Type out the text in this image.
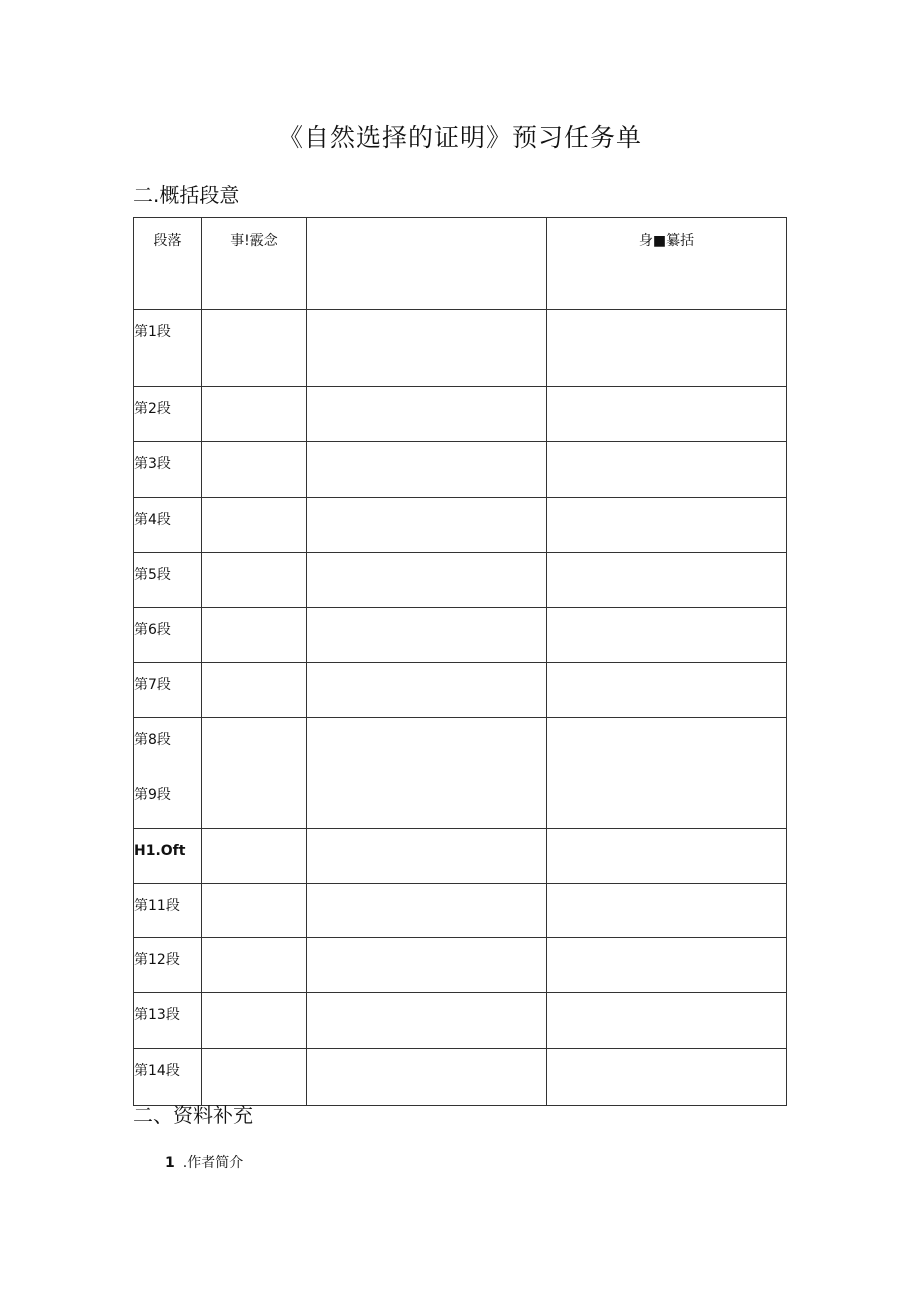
《自然选择的证明》预习任务单
二.概括段意
段落	事!霰念		身■纂括
第1段			
第2段			
第3段			
第4段			
第5段			
第6段			
第7段			
第8段
第9段			

H1.Oft			
第11段			
第12段			
第13段			
第14段			
二、资料补充
1 .作者简介
